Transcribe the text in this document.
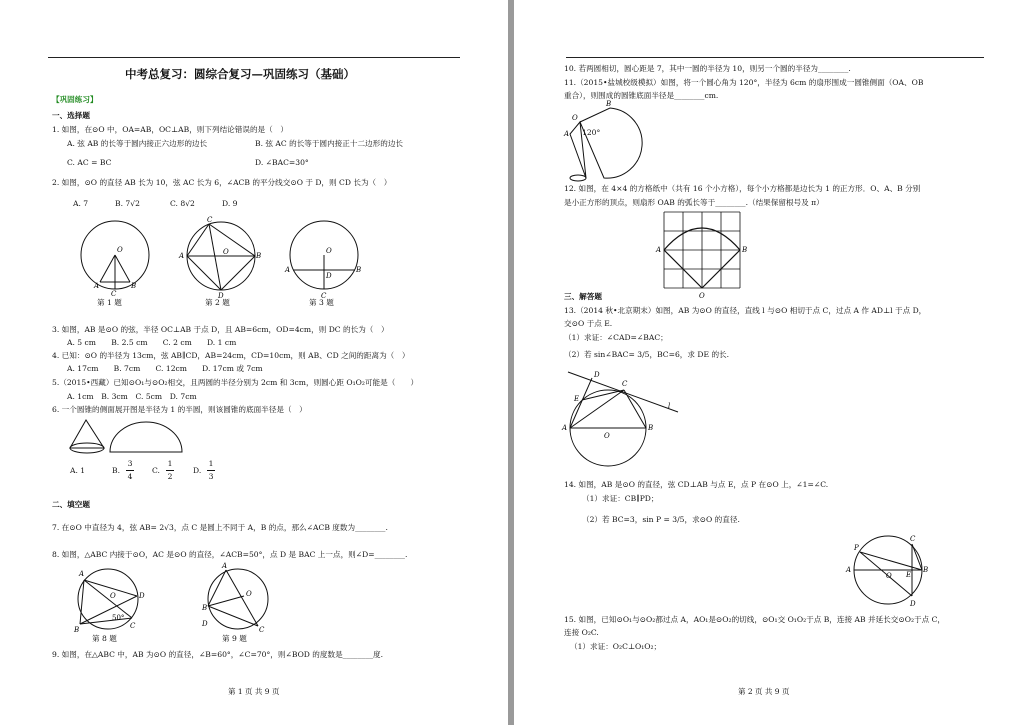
中考总复习：圆综合复习—巩固练习（基础）
【巩固练习】
一、选择题
1. 如图，在⊙O 中，OA=AB，OC⊥AB，则下列结论错误的是（　）
A. 弦 AB 的长等于圆内接正六边形的边长	B. 弦 AC 的长等于圆内接正十二边形的边长
C. AC = BC	D. ∠BAC=30°
2. 如图，⊙O 的直径 AB 长为 10，弦 AC 长为 6，∠ACB 的平分线交⊙O 于 D，则 CD 长为（　）
A. 7	B. 7√2	C. 8√2	D. 9
O
A	B
C
第 1 题
A	B
C
D
O
第 2 题
O
A	B
D
C
第 3 题
3. 如图，AB 是⊙O 的弦，半径 OC⊥AB 于点 D，且 AB=6cm，OD=4cm，则 DC 的长为（　）
A. 5 cm　　B. 2.5 cm　　C. 2 cm　　D. 1 cm
4. 已知：⊙O 的半径为 13cm，弦 AB∥CD，AB=24cm，CD=10cm，则 AB、CD 之间的距离为（　）
A. 17cm　　B. 7cm　　C. 12cm　　D. 17cm 或 7cm
5.（2015•西藏）已知⊙O₁与⊙O₂相交，且两圆的半径分别为 2cm 和 3cm，则圆心距 O₁O₂可能是（　　）
A. 1cm　B. 3cm　C. 5cm　D. 7cm
6. 一个圆锥的侧面展开图是半径为 1 的半圆，则该圆锥的底面半径是（　）
A. 1	B.
3
4
C.
1
2
D.
1
3
二、填空题
7. 在⊙O 中直径为 4，弦 AB= 2√3，点 C 是圆上不同于 A，B 的点，那么∠ACB 度数为________.
8. 如图，△ABC 内接于⊙O，AC 是⊙O 的直径，∠ACB=50°，点 D 是 BAC 上一点，则∠D=________.
A
B	C
D
O
50°
第 8 题
B
A
O
C
D
第 9 题
9. 如图，在△ABC 中，AB 为⊙O 的直径，∠B=60°，∠C=70°，则∠BOD 的度数是________度.
第 1 页 共 9 页
10. 若两圆相切，圆心距是 7，其中一圆的半径为 10，则另一个圆的半径为________.
11.（2015•盐城校级模拟）如图，将一个圆心角为 120°，半径为 6cm 的扇形围成一圆锥侧面（OA、OB
重合），则围成的圆锥底面半径是________cm.
O
B
A 120°
12. 如图，在 4×4 的方格纸中（共有 16 个小方格），每个小方格都是边长为 1 的正方形．O、A、B 分别
是小正方形的顶点，则扇形 OAB 的弧长等于________.（结果保留根号及 π）
A	B
O
三、解答题
13.（2014 秋•北京期末）如图，AB 为⊙O 的直径，直线 l 与⊙O 相切于点 C，过点 A 作 AD⊥l 于点 D，
交⊙O 于点 E.
（1）求证：∠CAD=∠BAC；
（2）若 sin∠BAC= 3/5，BC=6，求 DE 的长.
A	B
O
D
C
E
l
14. 如图，AB 是⊙O 的直径，弦 CD⊥AB 与点 E，点 P 在⊙O 上，∠1=∠C.
（1）求证：CB∥PD；
（2）若 BC=3，sin P = 3/5，求⊙O 的直径.
A	B
P
C
D
O E
15. 如图，已知⊙O₁与⊙O₂都过点 A，AO₁是⊙O₂的切线，⊙O₁交 O₁O₂于点 B，连接 AB 并延长交⊙O₂于点 C，
连接 O₂C.
（1）求证：O₂C⊥O₁O₂；
第 2 页 共 9 页
